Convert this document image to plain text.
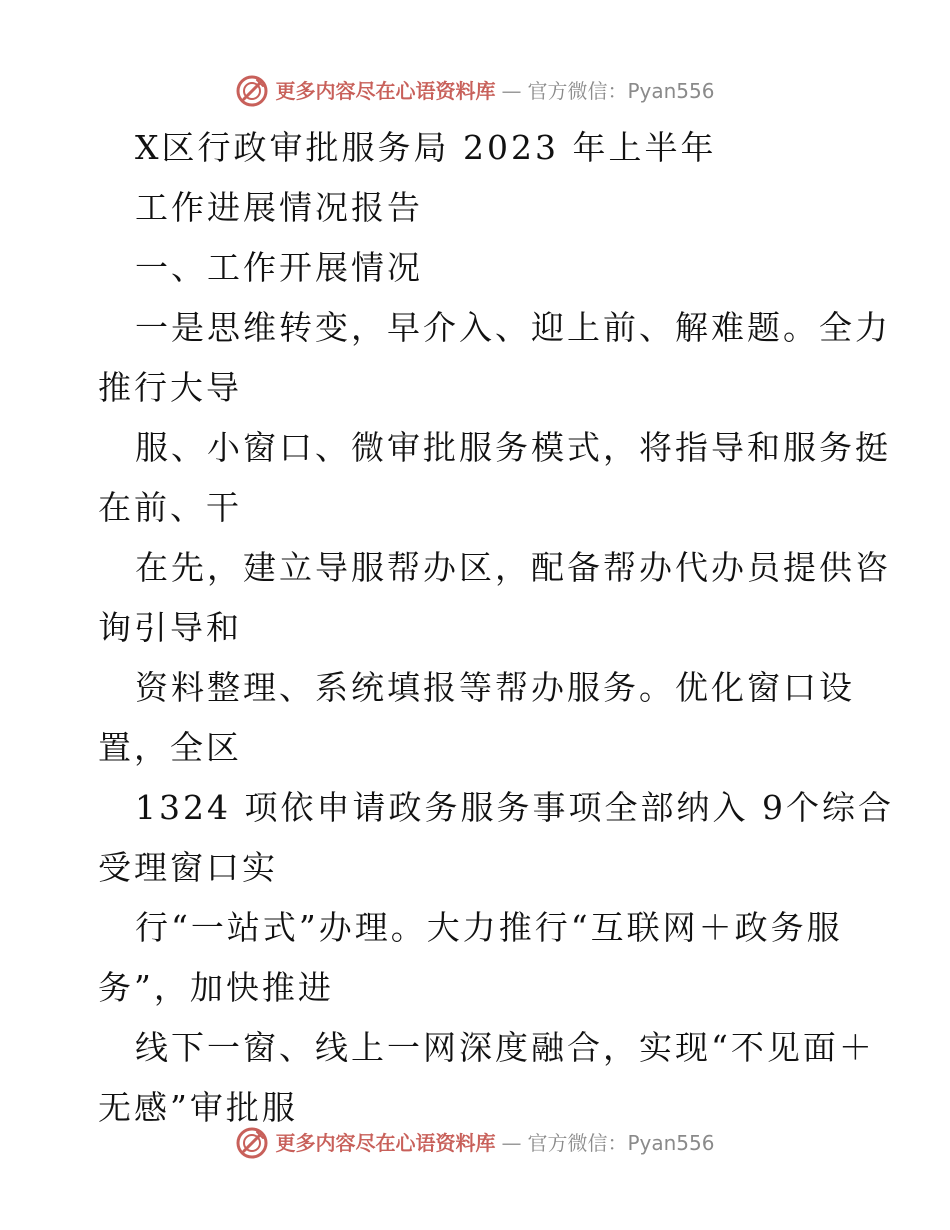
更多内容尽在心语资料库 — 官方微信：Pyan556
X区行政审批服务局 2023 年上半年
工作进展情况报告
一、工作开展情况
一是思维转变，早介入、迎上前、解难题。全力
推行大导
服、小窗口、微审批服务模式，将指导和服务挺
在前、干
在先，建立导服帮办区，配备帮办代办员提供咨
询引导和
资料整理、系统填报等帮办服务。优化窗口设
置，全区
1324 项依申请政务服务事项全部纳入 9个综合
受理窗口实
行“一站式”办理。大力推行“互联网＋政务服
务”，加快推进
线下一窗、线上一网深度融合，实现“不见面＋
无感”审批服
更多内容尽在心语资料库 — 官方微信：Pyan556
